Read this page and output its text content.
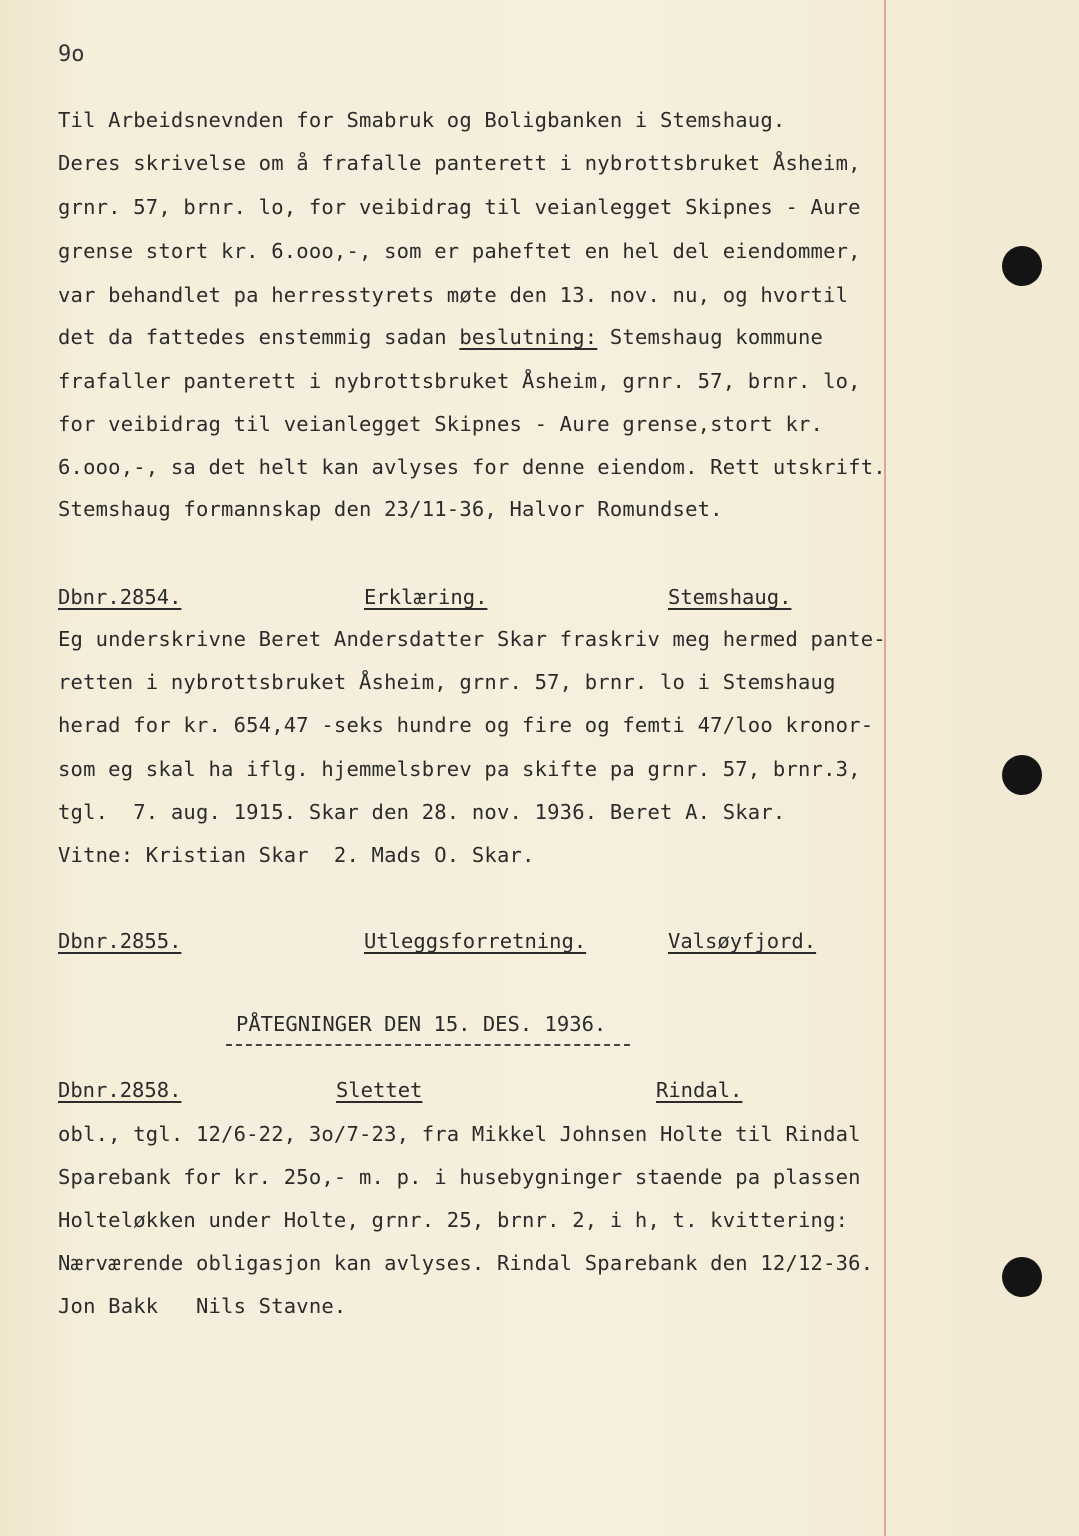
9o
Til Arbeidsnevnden for Smabruk og Boligbanken i Stemshaug.
Deres skrivelse om å frafalle panterett i nybrottsbruket Åsheim,
grnr. 57, brnr. lo, for veibidrag til veianlegget Skipnes - Aure
grense stort kr. 6.ooo,-, som er paheftet en hel del eiendommer,
var behandlet pa herresstyrets møte den 13. nov. nu, og hvortil
det da fattedes enstemmig sadan beslutning: Stemshaug kommune
frafaller panterett i nybrottsbruket Åsheim, grnr. 57, brnr. lo,
for veibidrag til veianlegget Skipnes - Aure grense,stort kr.
6.ooo,-, sa det helt kan avlyses for denne eiendom. Rett utskrift.
Stemshaug formannskap den 23/11-36, Halvor Romundset.
Dbnr.2854.	Erklæring.	Stemshaug.
Eg underskrivne Beret Andersdatter Skar fraskriv meg hermed pante-
retten i nybrottsbruket Åsheim, grnr. 57, brnr. lo i Stemshaug
herad for kr. 654,47 -seks hundre og fire og femti 47/loo kronor-
som eg skal ha iflg. hjemmelsbrev pa skifte pa grnr. 57, brnr.3,
tgl.  7. aug. 1915. Skar den 28. nov. 1936. Beret A. Skar.
Vitne: Kristian Skar  2. Mads O. Skar.
Dbnr.2855.	Utleggsforretning.	Valsøyfjord.
PÅTEGNINGER DEN 15. DES. 1936.
Dbnr.2858.	Slettet	Rindal.
obl., tgl. 12/6-22, 3o/7-23, fra Mikkel Johnsen Holte til Rindal
Sparebank for kr. 25o,- m. p. i husebygninger staende pa plassen
Holteløkken under Holte, grnr. 25, brnr. 2, i h, t. kvittering:
Nærværende obligasjon kan avlyses. Rindal Sparebank den 12/12-36.
Jon Bakk   Nils Stavne.
